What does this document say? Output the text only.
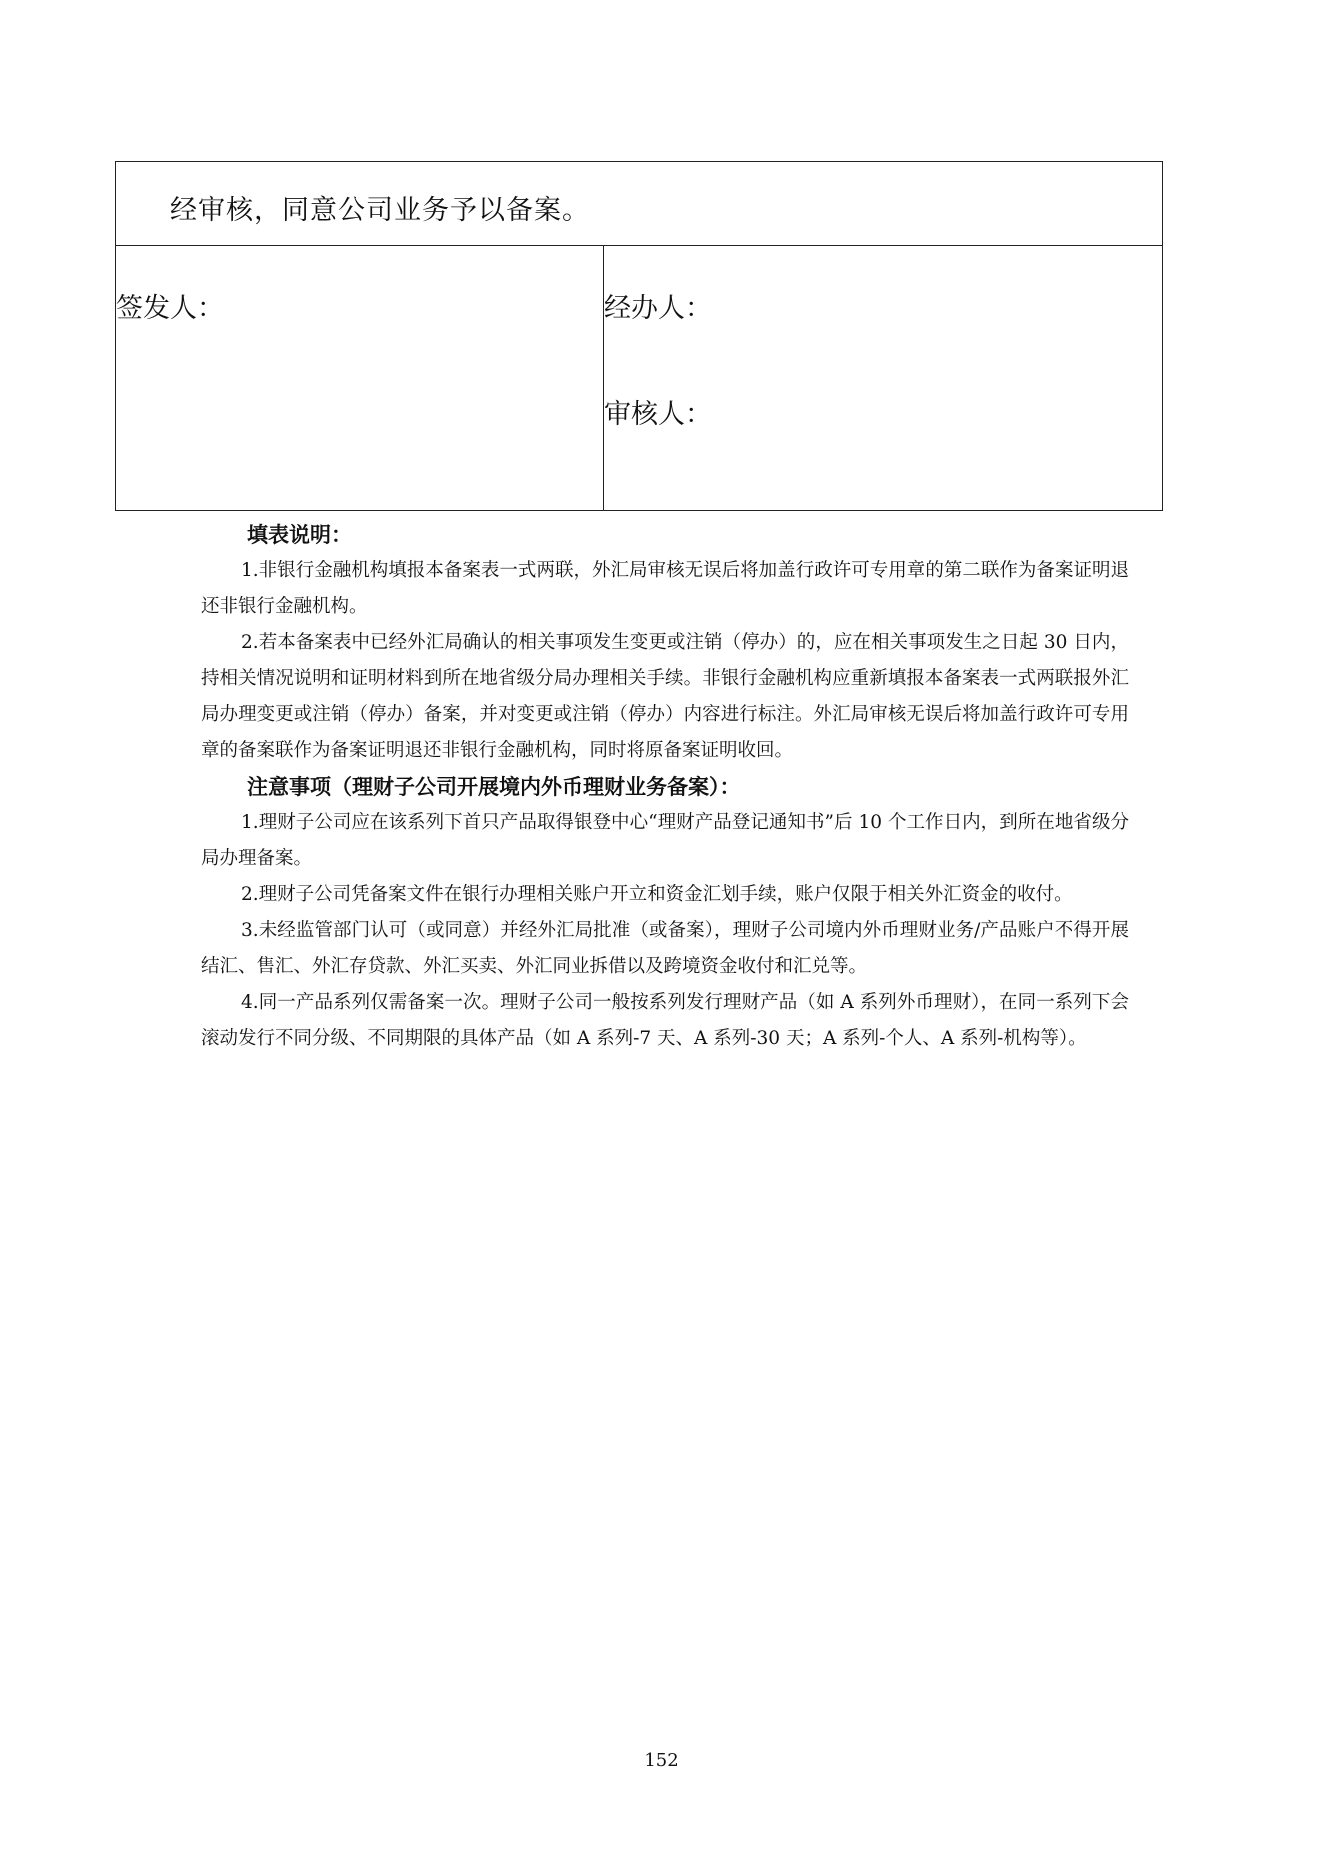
经审核，同意公司业务予以备案。
签发人：	经办人：
审核人：
填表说明：

1.非银行金融机构填报本备案表一式两联，外汇局审核无误后将加盖行政许可专用章的第二联作为备案证明退还非银行金融机构。

2.若本备案表中已经外汇局确认的相关事项发生变更或注销（停办）的，应在相关事项发生之日起 30 日内，持相关情况说明和证明材料到所在地省级分局办理相关手续。非银行金融机构应重新填报本备案表一式两联报外汇局办理变更或注销（停办）备案，并对变更或注销（停办）内容进行标注。外汇局审核无误后将加盖行政许可专用章的备案联作为备案证明退还非银行金融机构，同时将原备案证明收回。

注意事项（理财子公司开展境内外币理财业务备案）：

1.理财子公司应在该系列下首只产品取得银登中心“理财产品登记通知书”后 10 个工作日内，到所在地省级分局办理备案。

2.理财子公司凭备案文件在银行办理相关账户开立和资金汇划手续，账户仅限于相关外汇资金的收付。

3.未经监管部门认可（或同意）并经外汇局批准（或备案），理财子公司境内外币理财业务/产品账户不得开展结汇、售汇、外汇存贷款、外汇买卖、外汇同业拆借以及跨境资金收付和汇兑等。

4.同一产品系列仅需备案一次。理财子公司一般按系列发行理财产品（如 A 系列外币理财），在同一系列下会滚动发行不同分级、不同期限的具体产品（如 A 系列-7 天、A 系列-30 天；A 系列-个人、A 系列-机构等）。

152
